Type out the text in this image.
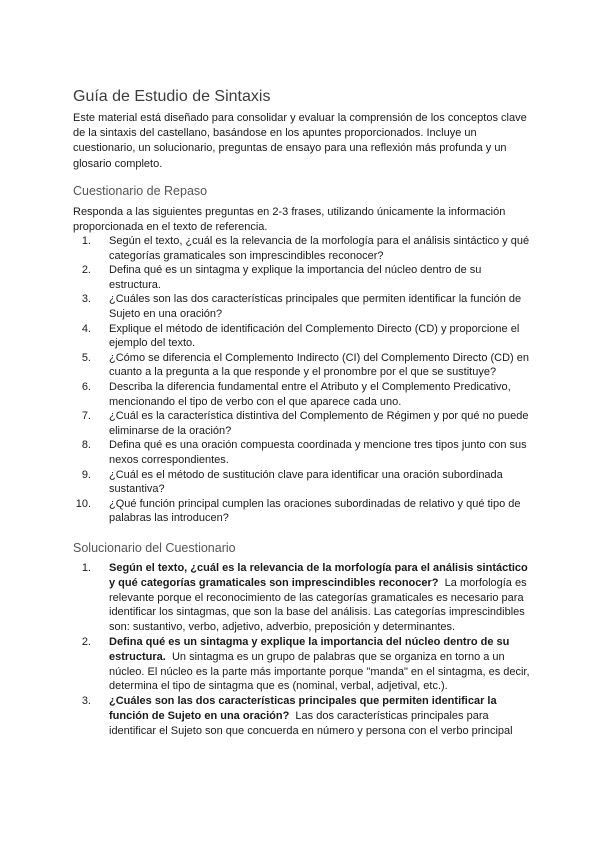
Guía de Estudio de Sintaxis

Este material está diseñado para consolidar y evaluar la comprensión de los conceptos clave de la sintaxis del castellano, basándose en los apuntes proporcionados. Incluye un cuestionario, un solucionario, preguntas de ensayo para una reflexión más profunda y un glosario completo.

Cuestionario de Repaso

Responda a las siguientes preguntas en 2-3 frases, utilizando únicamente la información proporcionada en el texto de referencia.

1. Según el texto, ¿cuál es la relevancia de la morfología para el análisis sintáctico y qué categorías gramaticales son imprescindibles reconocer?
2. Defina qué es un sintagma y explique la importancia del núcleo dentro de su estructura.
3. ¿Cuáles son las dos características principales que permiten identificar la función de Sujeto en una oración?
4. Explique el método de identificación del Complemento Directo (CD) y proporcione el ejemplo del texto.
5. ¿Cómo se diferencia el Complemento Indirecto (CI) del Complemento Directo (CD) en cuanto a la pregunta a la que responde y el pronombre por el que se sustituye?
6. Describa la diferencia fundamental entre el Atributo y el Complemento Predicativo, mencionando el tipo de verbo con el que aparece cada uno.
7. ¿Cuál es la característica distintiva del Complemento de Régimen y por qué no puede eliminarse de la oración?
8. Defina qué es una oración compuesta coordinada y mencione tres tipos junto con sus nexos correspondientes.
9. ¿Cuál es el método de sustitución clave para identificar una oración subordinada sustantiva?
10. ¿Qué función principal cumplen las oraciones subordinadas de relativo y qué tipo de palabras las introducen?
Solucionario del Cuestionario
1. Según el texto, ¿cuál es la relevancia de la morfología para el análisis sintáctico y qué categorías gramaticales son imprescindibles reconocer? La morfología es relevante porque el reconocimiento de las categorías gramaticales es necesario para identificar los sintagmas, que son la base del análisis. Las categorías imprescindibles son: sustantivo, verbo, adjetivo, adverbio, preposición y determinantes.
2. Defina qué es un sintagma y explique la importancia del núcleo dentro de su estructura. Un sintagma es un grupo de palabras que se organiza en torno a un núcleo. El núcleo es la parte más importante porque "manda" en el sintagma, es decir, determina el tipo de sintagma que es (nominal, verbal, adjetival, etc.).
3. ¿Cuáles son las dos características principales que permiten identificar la función de Sujeto en una oración? Las dos características principales para identificar el Sujeto son que concuerda en número y persona con el verbo principal
